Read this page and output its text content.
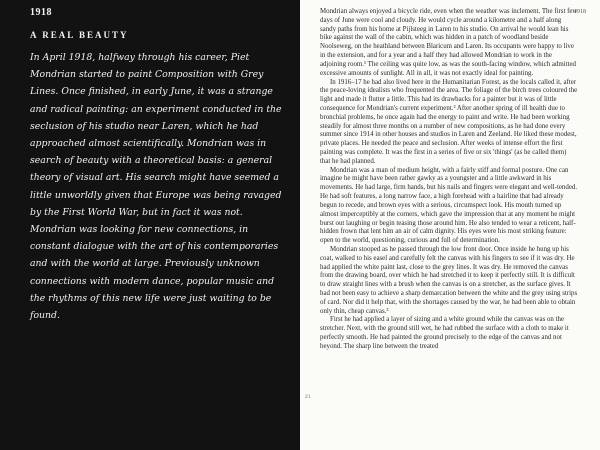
1918

A REAL BEAUTY

In April 1918, halfway through his career, Piet Mondrian started to paint Composition with Grey Lines. Once finished, in early June, it was a strange and radical painting: an experiment conducted in the seclusion of his studio near Laren, which he had approached almost scientifically. Mondrian was in search of beauty with a theoretical basis: a general theory of visual art. His search might have seemed a little unworldly given that Europe was being ravaged by the First World War, but in fact it was not. Mondrian was looking for new connections, in constant dialogue with the art of his contemporaries and with the world at large. Previously unknown connections with modern dance, popular music and the rhythms of this new life were just waiting to be found.

1918
21

Mondrian always enjoyed a bicycle ride, even when the weather was inclement. The first few days of June were cool and cloudy. He would cycle around a kilometre and a half along sandy paths from his home at Pijlsteeg in Laren to his studio. On arrival he would lean his bike against the wall of the cabin, which was hidden in a patch of woodland beside Noolseweg, on the heathland between Blaricum and Laren. Its occupants were happy to live in the extension, and for a year and a half they had allowed Mondrian to work in the adjoining room.¹ The ceiling was quite low, as was the south-facing window, which admitted excessive amounts of sunlight. All in all, it was not exactly ideal for painting.

In 1916–17 he had also lived here in the Humanitarian Forest, as the locals called it, after the peace-loving idealists who frequented the area. The foliage of the birch trees coloured the light and made it flutter a little. This had its drawbacks for a painter but it was of little consequence for Mondrian's current experiment.² After another spring of ill health due to bronchial problems, he once again had the energy to paint and write. He had been working steadily for almost three months on a number of new compositions, as he had done every summer since 1914 in other houses and studios in Laren and Zeeland. He liked these modest, private places. He needed the peace and seclusion. After weeks of intense effort the first painting was complete. It was the first in a series of five or six 'things' (as he called them) that he had planned.

Mondrian was a man of medium height, with a fairly stiff and formal posture. One can imagine he might have been rather gawky as a youngster and a little awkward in his movements. He had large, firm hands, but his nails and fingers were elegant and well-tended. He had soft features, a long narrow face, a high forehead with a hairline that had already begun to recede, and brown eyes with a serious, circumspect look. His mouth turned up almost imperceptibly at the corners, which gave the impression that at any moment he might burst out laughing or begin teasing those around him. He also tended to wear a reticent, half-hidden frown that lent him an air of calm dignity. His eyes were his most striking feature: open to the world, questioning, curious and full of determination.

Mondrian stooped as he passed through the low front door. Once inside he hung up his coat, walked to his easel and carefully felt the canvas with his fingers to see if it was dry. He had applied the white paint last, close to the grey lines. It was dry. He removed the canvas from the drawing board, over which he had stretched it to keep it perfectly still. It is difficult to draw straight lines with a brush when the canvas is on a stretcher, as the surface gives. It had not been easy to achieve a sharp demarcation between the white and the grey using strips of card. Nor did it help that, with the shortages caused by the war, he had been able to obtain only thin, cheap canvas.³

First he had applied a layer of sizing and a white ground while the canvas was on the stretcher. Next, with the ground still wet, he had rubbed the surface with a cloth to make it perfectly smooth. He had painted the ground precisely to the edge of the canvas and not beyond. The sharp line between the treated
